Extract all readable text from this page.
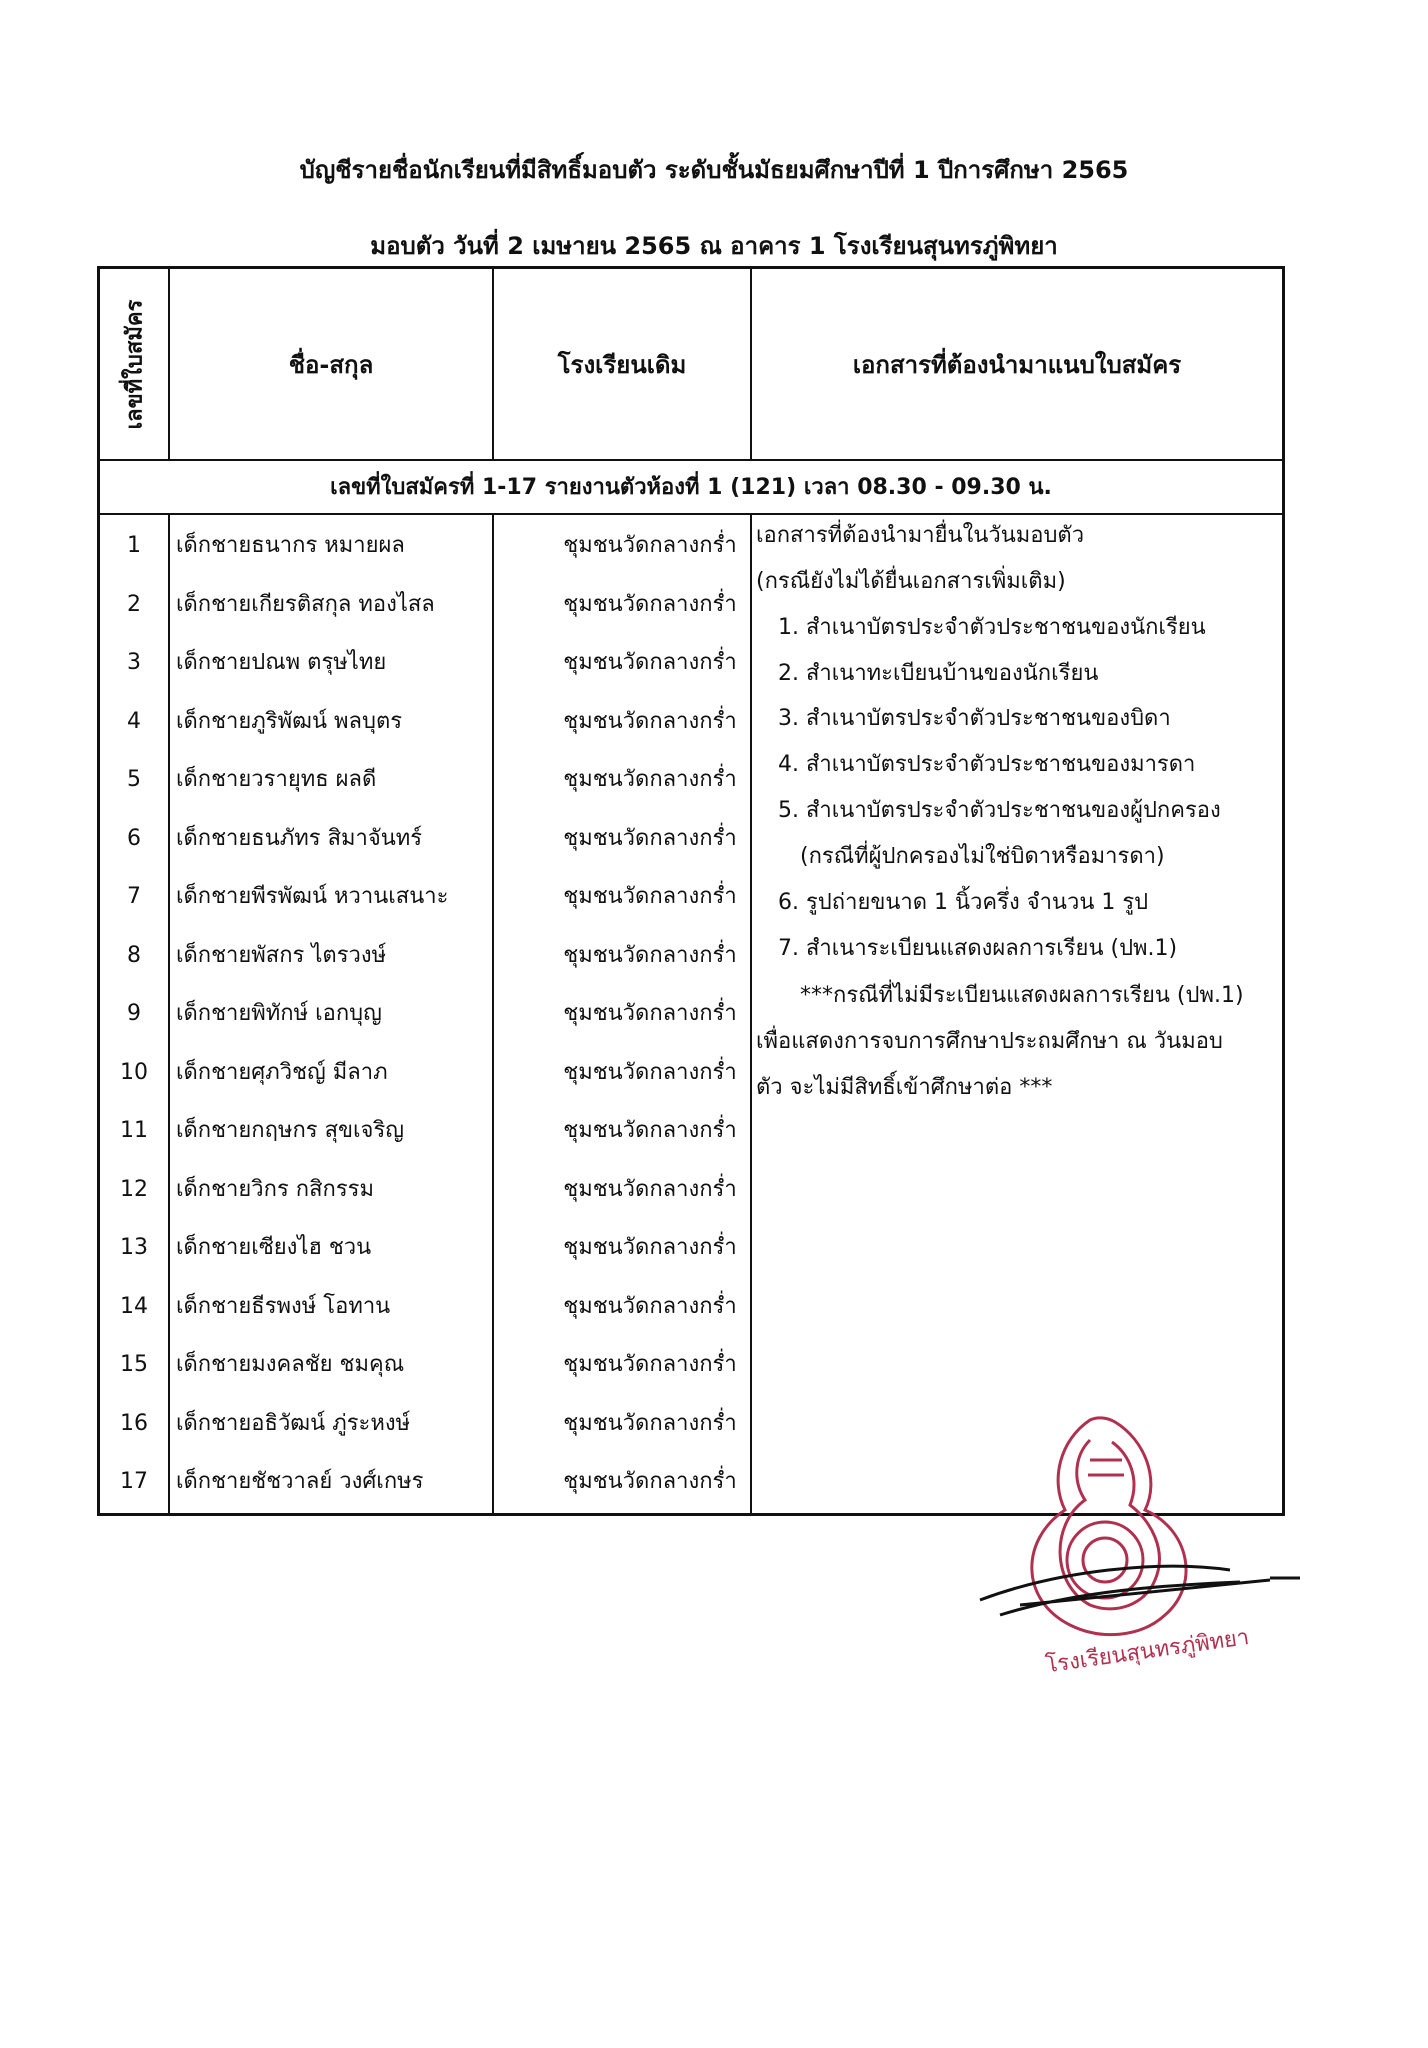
บัญชีรายชื่อนักเรียนที่มีสิทธิ์มอบตัว ระดับชั้นมัธยมศึกษาปีที่ 1 ปีการศึกษา 2565
มอบตัว วันที่ 2 เมษายน 2565 ณ อาคาร 1 โรงเรียนสุนทรภู่พิทยา
เลขที่ใบสมัคร	ชื่อ-สกุล	โรงเรียนเดิม	เอกสารที่ต้องนำมาแนบใบสมัคร
เลขที่ใบสมัครที่ 1-17 รายงานตัวห้องที่ 1 (121) เวลา 08.30 - 09.30 น.
1	เด็กชายธนากร หมายผล	ชุมชนวัดกลางกร่ำ
2	เด็กชายเกียรติสกุล ทองไสล	ชุมชนวัดกลางกร่ำ
3	เด็กชายปณพ ตรุษไทย	ชุมชนวัดกลางกร่ำ
4	เด็กชายภูริพัฒน์ พลบุตร	ชุมชนวัดกลางกร่ำ
5	เด็กชายวรายุทธ ผลดี	ชุมชนวัดกลางกร่ำ
6	เด็กชายธนภัทร สิมาจันทร์	ชุมชนวัดกลางกร่ำ
7	เด็กชายพีรพัฒน์ หวานเสนาะ	ชุมชนวัดกลางกร่ำ
8	เด็กชายพัสกร ไตรวงษ์	ชุมชนวัดกลางกร่ำ
9	เด็กชายพิทักษ์ เอกบุญ	ชุมชนวัดกลางกร่ำ
10	เด็กชายศุภวิชญ์ มีลาภ	ชุมชนวัดกลางกร่ำ
11	เด็กชายกฤษกร สุขเจริญ	ชุมชนวัดกลางกร่ำ
12	เด็กชายวิกร กสิกรรม	ชุมชนวัดกลางกร่ำ
13	เด็กชายเซียงไฮ ชวน	ชุมชนวัดกลางกร่ำ
14	เด็กชายธีรพงษ์ โอทาน	ชุมชนวัดกลางกร่ำ
15	เด็กชายมงคลชัย ชมคุณ	ชุมชนวัดกลางกร่ำ
16	เด็กชายอธิวัฒน์ ภู่ระหงษ์	ชุมชนวัดกลางกร่ำ
17	เด็กชายชัชวาลย์ วงศ์เกษร	ชุมชนวัดกลางกร่ำ
เอกสารที่ต้องนำมายื่นในวันมอบตัว
(กรณียังไม่ได้ยื่นเอกสารเพิ่มเติม)
1. สำเนาบัตรประจำตัวประชาชนของนักเรียน
2. สำเนาทะเบียนบ้านของนักเรียน
3. สำเนาบัตรประจำตัวประชาชนของบิดา
4. สำเนาบัตรประจำตัวประชาชนของมารดา
5. สำเนาบัตรประจำตัวประชาชนของผู้ปกครอง
(กรณีที่ผู้ปกครองไม่ใช่บิดาหรือมารดา)
6. รูปถ่ายขนาด 1 นิ้วครึ่ง จำนวน 1 รูป
7. สำเนาระเบียนแสดงผลการเรียน (ปพ.1)
***กรณีที่ไม่มีระเบียนแสดงผลการเรียน (ปพ.1)
เพื่อแสดงการจบการศึกษาประถมศึกษา ณ วันมอบ
ตัว จะไม่มีสิทธิ์เข้าศึกษาต่อ ***
โรงเรียนสุนทรภู่พิทยา
